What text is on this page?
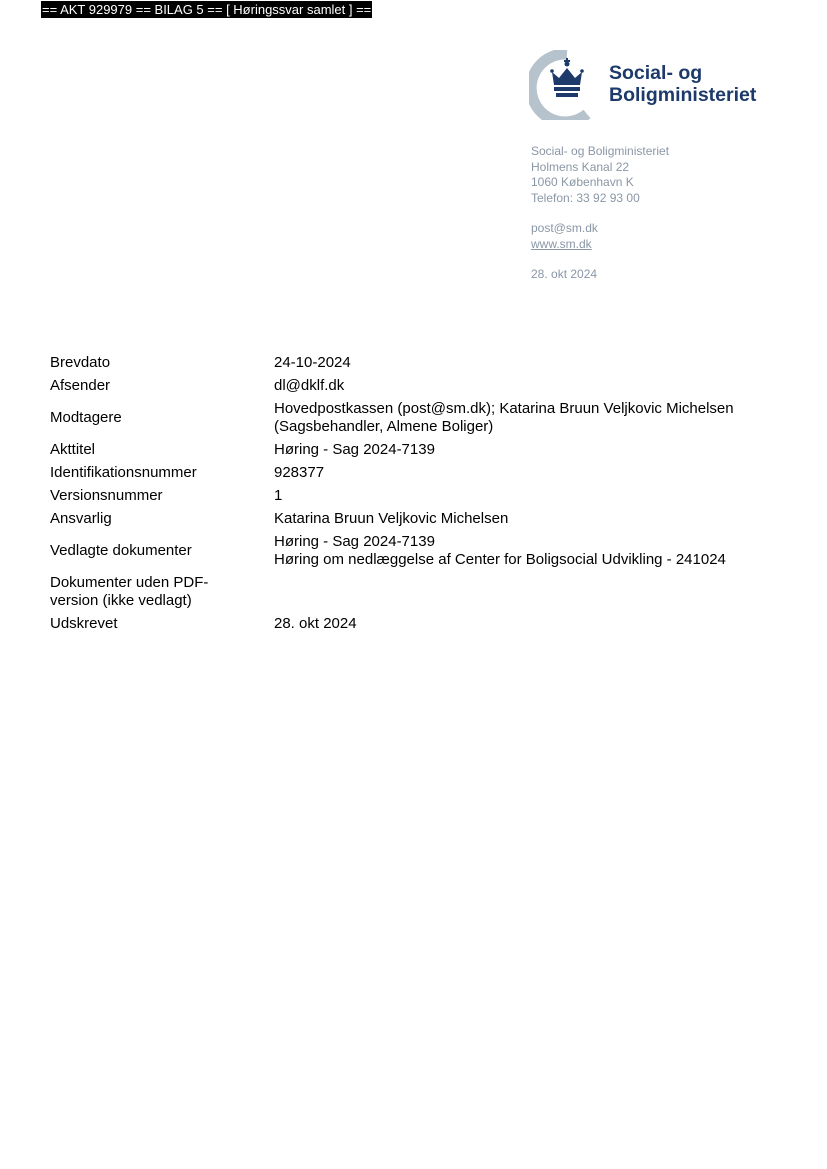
== AKT 929979 == BILAG 5 == [ Høringssvar samlet ] ==
Social- og
Boligministeriet
Social- og Boligministeriet
Holmens Kanal 22
1060 København K
Telefon: 33 92 93 00
post@sm.dk
www.sm.dk
28. okt 2024
Brevdato	24-10-2024
Afsender	dl@dklf.dk
Modtagere	Hovedpostkassen (post@sm.dk); Katarina Bruun Veljkovic Michelsen
(Sagsbehandler, Almene Boliger)

Akttitel	Høring - Sag 2024-7139
Identifikationsnummer	928377
Versionsnummer	1
Ansvarlig	Katarina Bruun Veljkovic Michelsen
Vedlagte dokumenter	Høring - Sag 2024-7139
Høring om nedlæggelse af Center for Boligsocial Udvikling - 241024

Dokumenter uden PDF-
version (ikke vedlagt)	

Udskrevet	28. okt 2024
